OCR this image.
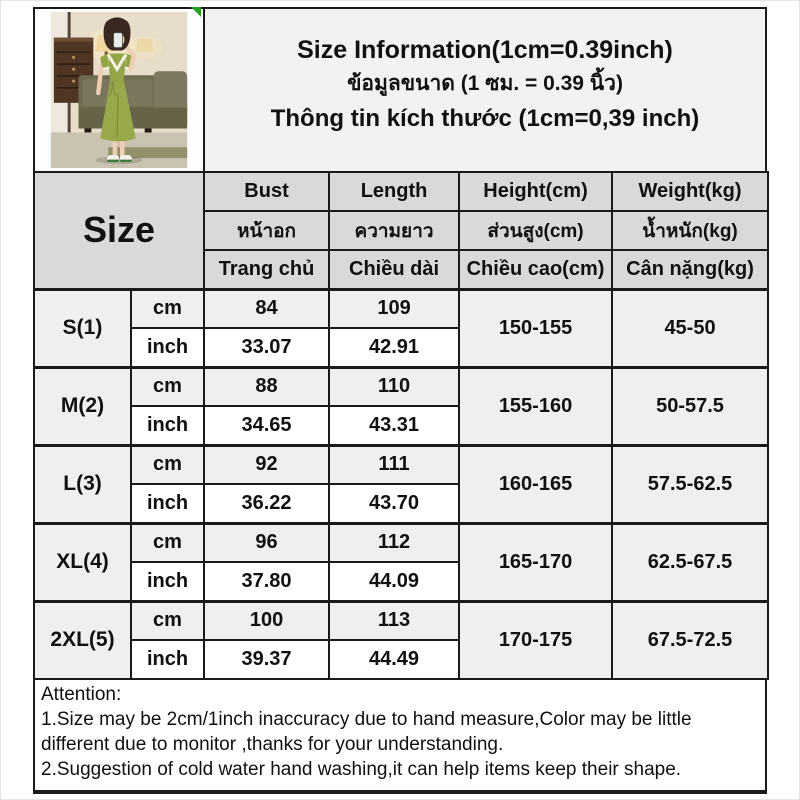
Size Information(1cm=0.39inch)
ข้อมูลขนาด (1 ซม. = 0.39 นิ้ว)
Thông tin kích thước (1cm=0,39 inch)
Size		Bust	Length	Height(cm)	Weight(kg)
		หน้าอก	ความยาว	ส่วนสูง(cm)	น้ำหนัก(kg)
		Trang chủ	Chiều dài	Chiều cao(cm)	Cân nặng(kg)
S(1)	cm	84	109	150-155	45-50
	inch	33.07	42.91		
M(2)	cm	88	110	155-160	50-57.5
	inch	34.65	43.31		
L(3)	cm	92	111	160-165	57.5-62.5
	inch	36.22	43.70		
XL(4)	cm	96	112	165-170	62.5-67.5
	inch	37.80	44.09		
2XL(5)	cm	100	113	170-175	67.5-72.5
	inch	39.37	44.49		
Attention:

1.Size may be 2cm/1inch inaccuracy due to hand measure,Color may be little different due to monitor ,thanks for your understanding.

2.Suggestion of cold water hand washing,it can help items keep their shape.
